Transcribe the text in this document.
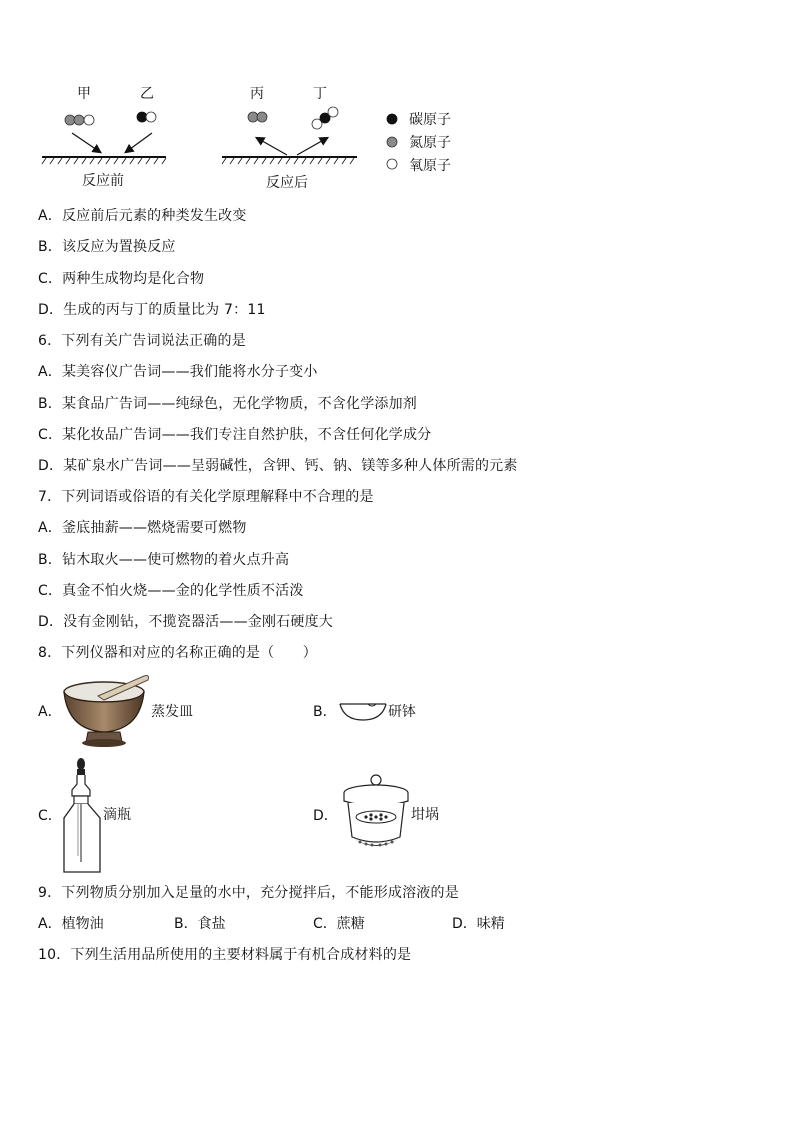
甲	乙	丙	丁
反应前	反应后
碳原子
氮原子
氧原子
A．反应前后元素的种类发生改变
B．该反应为置换反应
C．两种生成物均是化合物
D．生成的丙与丁的质量比为 7：11
6．下列有关广告词说法正确的是
A．某美容仪广告词——我们能将水分子变小
B．某食品广告词——纯绿色，无化学物质，不含化学添加剂
C．某化妆品广告词——我们专注自然护肤，不含任何化学成分
D．某矿泉水广告词——呈弱碱性，含钾、钙、钠、镁等多种人体所需的元素
7．下列词语或俗语的有关化学原理解释中不合理的是
A．釜底抽薪——燃烧需要可燃物
B．钻木取火——使可燃物的着火点升高
C．真金不怕火烧——金的化学性质不活泼
D．没有金刚钻，不揽瓷器活——金刚石硬度大
8．下列仪器和对应的名称正确的是（　　）
A．	蒸发皿	B．	研钵
C．	滴瓶	D．	坩埚
9．下列物质分别加入足量的水中，充分搅拌后，不能形成溶液的是
A．植物油	B．食盐	C．蔗糖	D．味精
10．下列生活用品所使用的主要材料属于有机合成材料的是
